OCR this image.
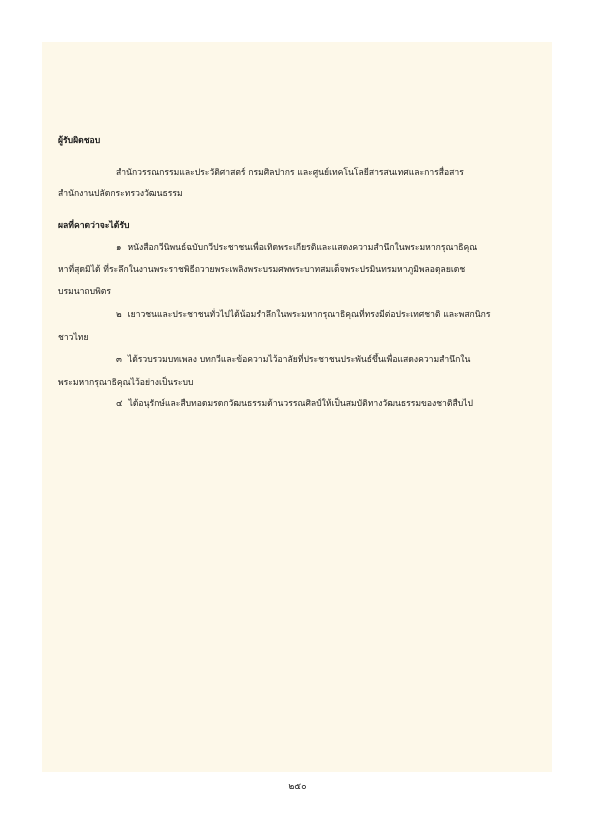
ผู้รับผิดชอบ
สำนักวรรณกรรมและประวัติศาสตร์ กรมศิลปากร และศูนย์เทคโนโลยีสารสนเทศและการสื่อสาร
สำนักงานปลัดกระทรวงวัฒนธรรม
ผลที่คาดว่าจะได้รับ
๑ หนังสือกวีนิพนธ์ฉบับกวีประชาชนเพื่อเทิดพระเกียรติและแสดงความสำนึกในพระมหากรุณาธิคุณ
หาที่สุดมิได้ ที่ระลึกในงานพระราชพิธีถวายพระเพลิงพระบรมศพพระบาทสมเด็จพระปรมินทรมหาภูมิพลอดุลยเดช
บรมนาถบพิตร
๒ เยาวชนและประชาชนทั่วไปได้น้อมรำลึกในพระมหากรุณาธิคุณที่ทรงมีต่อประเทศชาติ และพสกนิกร
ชาวไทย
๓ ได้รวบรวมบทเพลง บทกวีและข้อความไว้อาลัยที่ประชาชนประพันธ์ขึ้นเพื่อแสดงความสำนึกใน
พระมหากรุณาธิคุณไว้อย่างเป็นระบบ
๔ ได้อนุรักษ์และสืบทอดมรดกวัฒนธรรมด้านวรรณศิลป์ให้เป็นสมบัติทางวัฒนธรรมของชาติสืบไป
๒๕๐
